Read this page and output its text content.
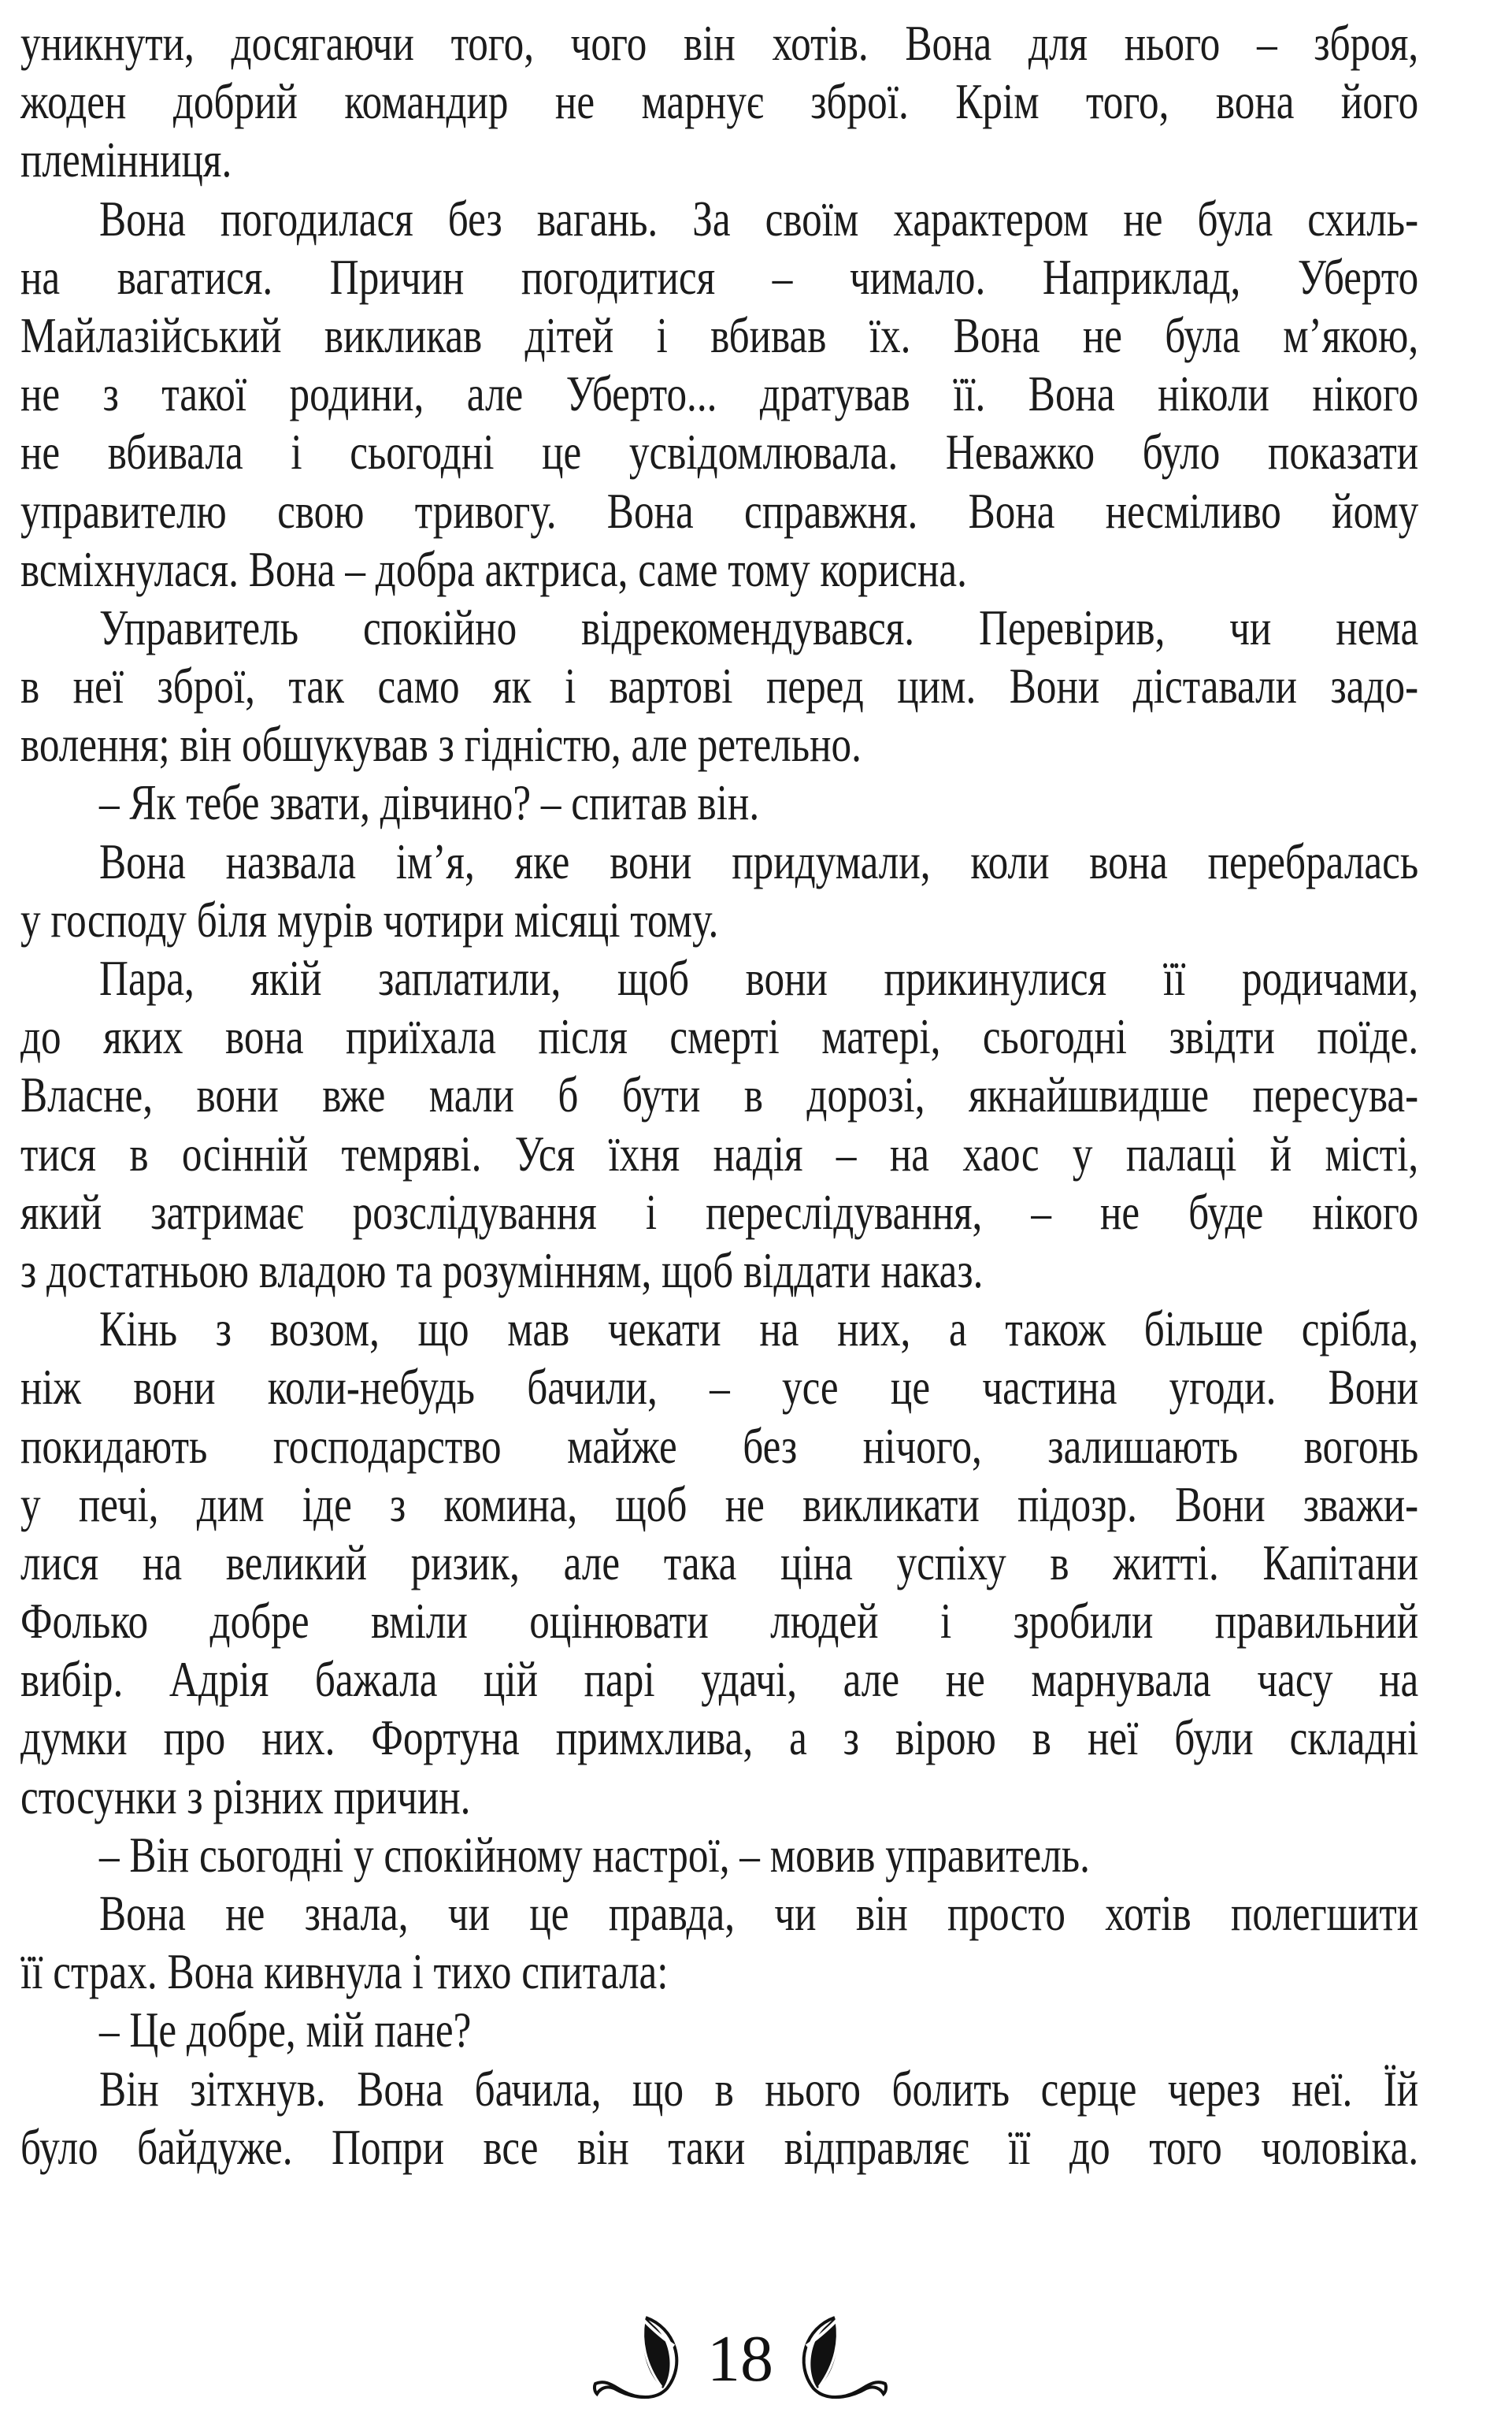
уникнути, досягаючи того, чого він хотів. Вона для нього – зброя,
жоден добрий командир не марнує зброї. Крім того, вона його
племінниця.
Вона погодилася без вагань. За своїм характером не була схиль-
на вагатися. Причин погодитися – чимало. Наприклад, Уберто
Майлазійський викликав дітей і вбивав їх. Вона не була м’якою,
не з такої родини, але Уберто... дратував її. Вона ніколи нікого
не вбивала і сьогодні це усвідомлювала. Неважко було показати
управителю свою тривогу. Вона справжня. Вона несміливо йому
всміхнулася. Вона – добра актриса, саме тому корисна.
Управитель спокійно відрекомендувався. Перевірив, чи нема
в неї зброї, так само як і вартові перед цим. Вони діставали задо-
волення; він обшукував з гідністю, але ретельно.
– Як тебе звати, дівчино? – спитав він.
Вона назвала ім’я, яке вони придумали, коли вона перебралась
у господу біля мурів чотири місяці тому.
Пара, якій заплатили, щоб вони прикинулися її родичами,
до яких вона приїхала після смерті матері, сьогодні звідти поїде.
Власне, вони вже мали б бути в дорозі, якнайшвидше пересува-
тися в осінній темряві. Уся їхня надія – на хаос у палаці й місті,
який затримає розслідування і переслідування, – не буде нікого
з достатньою владою та розумінням, щоб віддати наказ.
Кінь з возом, що мав чекати на них, а також більше срібла,
ніж вони коли-небудь бачили, – усе це частина угоди. Вони
покидають господарство майже без нічого, залишають вогонь
у печі, дим іде з комина, щоб не викликати підозр. Вони зважи-
лися на великий ризик, але така ціна успіху в житті. Капітани
Фолько добре вміли оцінювати людей і зробили правильний
вибір. Адрія бажала цій парі удачі, але не марнувала часу на
думки про них. Фортуна примхлива, а з вірою в неї були складні
стосунки з різних причин.
– Він сьогодні у спокійному настрої, – мовив управитель.
Вона не знала, чи це правда, чи він просто хотів полегшити
її страх. Вона кивнула і тихо спитала:
– Це добре, мій пане?
Він зітхнув. Вона бачила, що в нього болить серце через неї. Їй
було байдуже. Попри все він таки відправляє її до того чоловіка.
18
